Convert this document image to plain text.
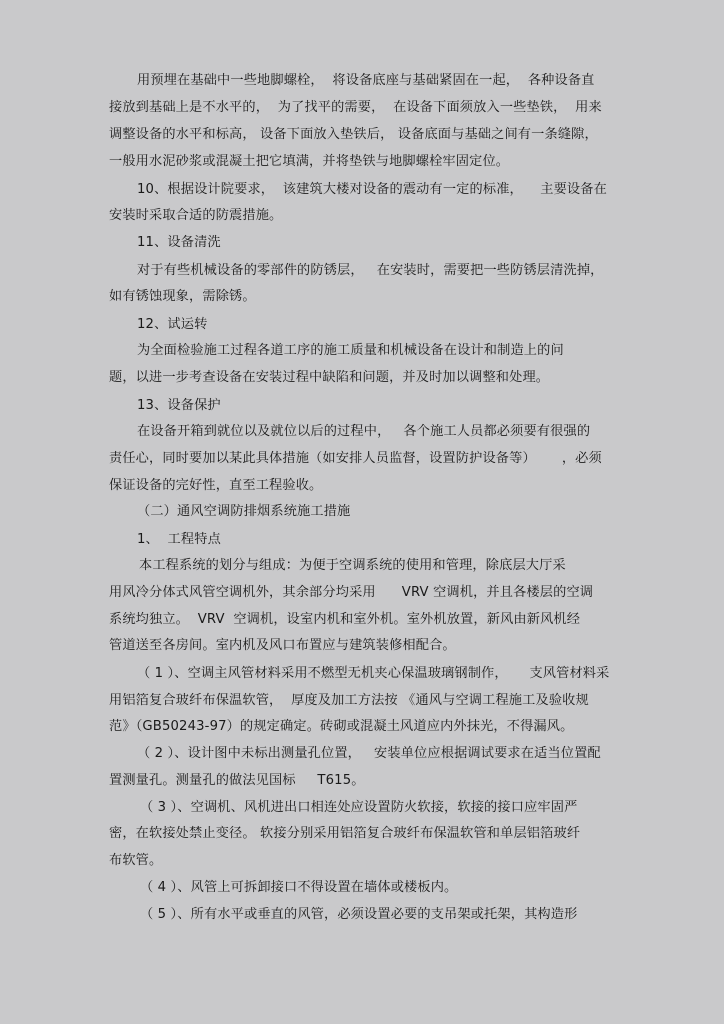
用预埋在基础中一些地脚螺栓，  将设备底座与基础紧固在一起，  各种设备直
接放到基础上是不水平的，  为了找平的需要，  在设备下面须放入一些垫铁，  用来
调整设备的水平和标高， 设备下面放入垫铁后， 设备底面与基础之间有一条缝隙，
一般用水泥砂浆或混凝土把它填满，并将垫铁与地脚螺栓牢固定位。
10、根据设计院要求，  该建筑大楼对设备的震动有一定的标准，    主要设备在
安装时采取合适的防震措施。
11、设备清洗
对于有些机械设备的零部件的防锈层，   在安装时，需要把一些防锈层清洗掉，
如有锈蚀现象，需除锈。
12、试运转
为全面检验施工过程各道工序的施工质量和机械设备在设计和制造上的问
题，以进一步考查设备在安装过程中缺陷和问题，并及时加以调整和处理。
13、设备保护
在设备开箱到就位以及就位以后的过程中，   各个施工人员都必须要有很强的
责任心，同时要加以某此具体措施（如安排人员监督，设置防护设备等）      ，必须
保证设备的完好性，直至工程验收。
（二）通风空调防排烟系统施工措施
1、  工程特点
本工程系统的划分与组成：为便于空调系统的使用和管理，除底层大厅采
用风冷分体式风管空调机外，其余部分均采用      VRV 空调机，并且各楼层的空调
系统均独立。  VRV  空调机，设室内机和室外机。室外机放置，新风由新风机经
管道送至各房间。室内机及风口布置应与建筑装修相配合。
（ 1 ）、空调主风管材料采用不燃型无机夹心保温玻璃钢制作，     支风管材料采
用铝箔复合玻纤布保温软管，  厚度及加工方法按 《通风与空调工程施工及验收规
范》（GB50243-97）的规定确定。砖砌或混凝土风道应内外抹光，不得漏风。
（ 2 ）、设计图中未标出测量孔位置，   安装单位应根据调试要求在适当位置配
置测量孔。测量孔的做法见国标     T615。
（ 3 ）、空调机、风机进出口相连处应设置防火软接，软接的接口应牢固严
密，在软接处禁止变径。 软接分别采用铝箔复合玻纤布保温软管和单层铝箔玻纤
布软管。
（ 4 ）、风管上可拆卸接口不得设置在墙体或楼板内。
（ 5 ）、所有水平或垂直的风管，必须设置必要的支吊架或托架，其构造形
